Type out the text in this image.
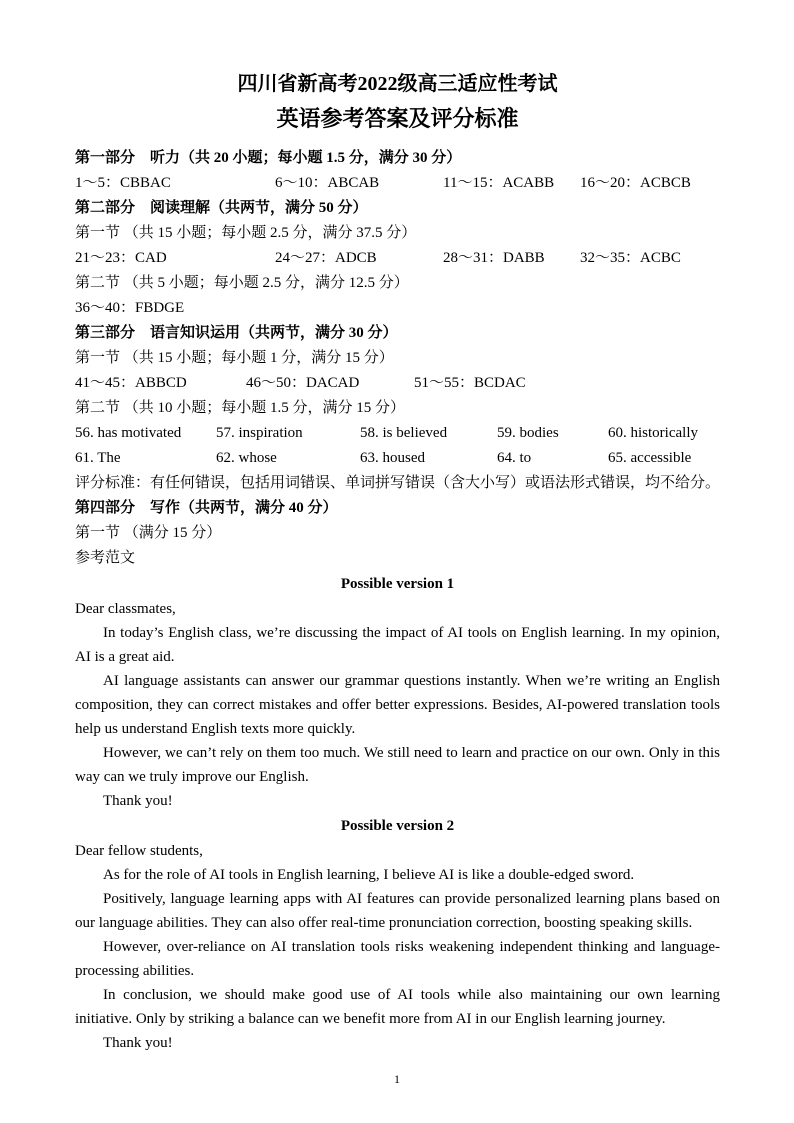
四川省新高考2022级高三适应性考试
英语参考答案及评分标准

第一部分　听力（共 20 小题；每小题 1.5 分，满分 30 分）

1～5：CBBAC	6～10：ABCAB	11～15：ACABB 16～20：ACBCB

第二部分　阅读理解（共两节，满分 50 分）

第一节 （共 15 小题；每小题 2.5 分，满分 37.5 分）

21～23：CAD	24～27：ADCB	28～31：DABB 32～35：ACBC

第二节 （共 5 小题；每小题 2.5 分，满分 12.5 分）

36～40：FBDGE

第三部分　语言知识运用（共两节，满分 30 分）

第一节 （共 15 小题；每小题 1 分，满分 15 分）

41～45：ABBCD	46～50：DACAD	51～55：BCDAC

第二节 （共 10 小题；每小题 1.5 分，满分 15 分）

56. has motivated 57. inspiration	58. is believed	59. bodies	60. historically
61. The	62. whose	63. housed	64. to	65. accessible

评分标准：有任何错误，包括用词错误、单词拼写错误（含大小写）或语法形式错误，均不给分。

第四部分　写作（共两节，满分 40 分）

第一节 （满分 15 分）

参考范文

Possible version 1

Dear classmates,

In today’s English class, we’re discussing the impact of AI tools on English learning. In my opinion, AI is a great aid.

AI language assistants can answer our grammar questions instantly. When we’re writing an English composition, they can correct mistakes and offer better expressions. Besides, AI-powered translation tools help us understand English texts more quickly.

However, we can’t rely on them too much. We still need to learn and practice on our own. Only in this way can we truly improve our English.

Thank you!

Possible version 2

Dear fellow students,

As for the role of AI tools in English learning, I believe AI is like a double-edged sword.

Positively, language learning apps with AI features can provide personalized learning plans based on our language abilities. They can also offer real-time pronunciation correction, boosting speaking skills.

However, over-reliance on AI translation tools risks weakening independent thinking and language-processing abilities.

In conclusion, we should make good use of AI tools while also maintaining our own learning initiative. Only by striking a balance can we benefit more from AI in our English learning journey.

Thank you!

1
